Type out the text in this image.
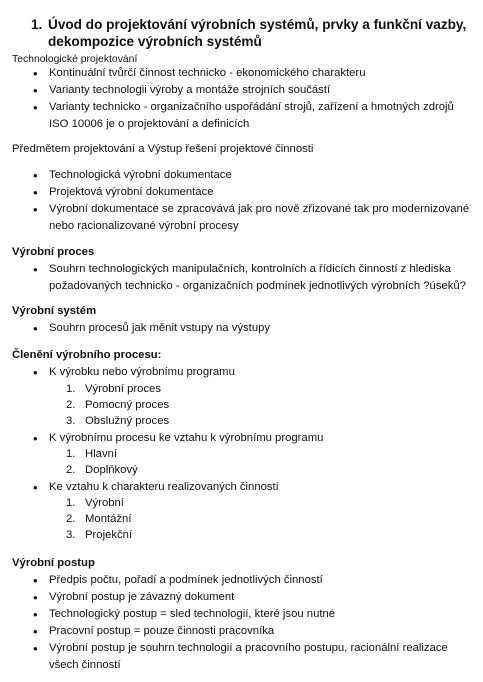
1. Úvod do projektování výrobních systémů, prvky a funkční vazby,
dekompozice výrobních systémů
Technologické projektování
Kontinuální tvůrčí činnost technicko - ekonomického charakteru
Varianty technologii výroby a montáže strojních součástí
Varianty technicko - organizačního uspořádání strojů, zařízení a hmotných zdrojů
ISO 10006 je o projektování a definicích
Předmětem projektování a Výstup řešení projektové činnosti
Technologická výrobní dokumentace
Projektová výrobní dokumentace
Výrobní dokumentace se zpracovává jak pro nově zřizované tak pro modernizované
nebo racionalizované výrobní procesy
Výrobní proces
Souhrn technologických manipulačních, kontrolních a řídicích činností z hlediska
požadovaných technicko - organizačních podmínek jednotlivých výrobních ?úseků?
Výrobní systém
Souhrn procesů jak měnit vstupy na výstupy
Členění výrobního procesu:
K výrobku nebo výrobnímu programu
1. Výrobní proces
2. Pomocný proces
3. Obslužný proces
K výrobnímu procesu ke vztahu k výrobnímu programu
1. Hlavní
2. Doplňkový
Ke vztahu k charakteru realizovaných činností
1. Výrobní
2. Montážní
3. Projekční
Výrobní postup
Předpis počtu, pořadí a podmínek jednotlivých činností
Výrobní postup je závazný dokument
Technologický postup = sled technologií, které jsou nutné
Pracovní postup = pouze činnosti pracovníka
Výrobní postup je souhrn technologií a pracovního postupu, racionální realizace
všech činností
